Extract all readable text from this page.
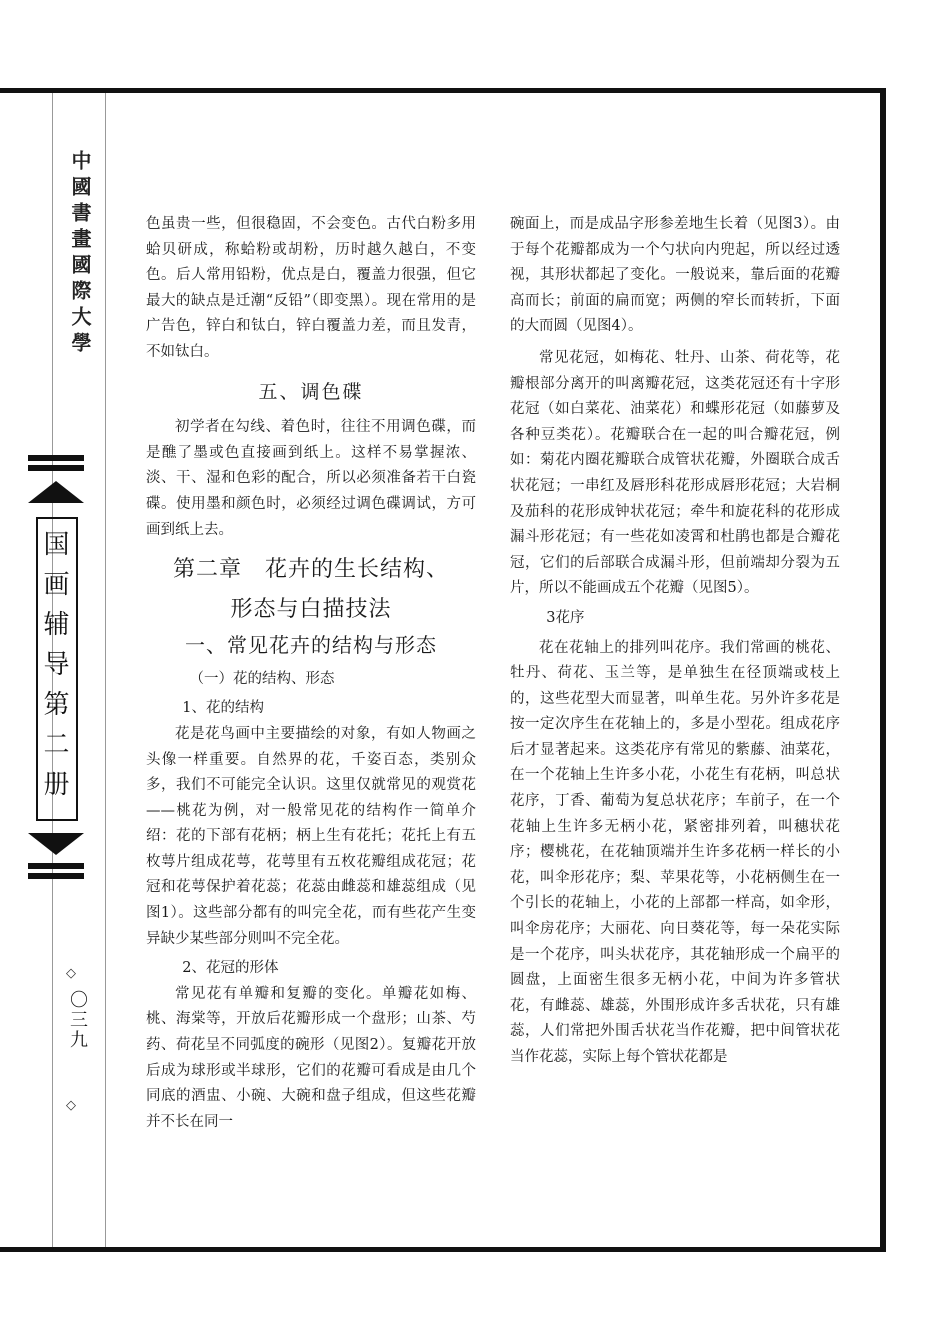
中國書畫國際大學
国画辅导第二册
◇
〇三九
◇

色虽贵一些，但很稳固，不会变色。古代白粉多用蛤贝研成，称蛤粉或胡粉，历时越久越白，不变色。后人常用铅粉，优点是白，覆盖力很强，但它最大的缺点是迁潮“反铅”（即变黑）。现在常用的是广告色，锌白和钛白，锌白覆盖力差，而且发青，不如钛白。

五、调色碟

初学者在勾线、着色时，往往不用调色碟，而是醮了墨或色直接画到纸上。这样不易掌握浓、淡、干、湿和色彩的配合，所以必须准备若干白瓷碟。使用墨和颜色时，必须经过调色碟调试，方可画到纸上去。

第二章　花卉的生长结构、
形态与白描技法
一、常见花卉的结构与形态
（一）花的结构、形态
1、花的结构

花是花鸟画中主要描绘的对象，有如人物画之头像一样重要。自然界的花，千姿百态，类别众多，我们不可能完全认识。这里仅就常见的观赏花——桃花为例，对一般常见花的结构作一简单介绍：花的下部有花柄；柄上生有花托；花托上有五枚萼片组成花萼，花萼里有五枚花瓣组成花冠；花冠和花萼保护着花蕊；花蕊由雌蕊和雄蕊组成（见图1）。这些部分都有的叫完全花，而有些花产生变异缺少某些部分则叫不完全花。

2、花冠的形体

常见花有单瓣和复瓣的变化。单瓣花如梅、桃、海棠等，开放后花瓣形成一个盘形；山茶、芍药、荷花呈不同弧度的碗形（见图2）。复瓣花开放后成为球形或半球形，它们的花瓣可看成是由几个同底的酒盅、小碗、大碗和盘子组成，但这些花瓣并不长在同一

碗面上，而是成品字形参差地生长着（见图3）。由于每个花瓣都成为一个勺状向内兜起，所以经过透视，其形状都起了变化。一般说来，靠后面的花瓣高而长；前面的扁而宽；两侧的窄长而转折，下面的大而圆（见图4）。

常见花冠，如梅花、牡丹、山茶、荷花等，花瓣根部分离开的叫离瓣花冠，这类花冠还有十字形花冠（如白菜花、油菜花）和蝶形花冠（如藤萝及各种豆类花）。花瓣联合在一起的叫合瓣花冠，例如：菊花内圈花瓣联合成管状花瓣，外圈联合成舌状花冠；一串红及唇形科花形成唇形花冠；大岩桐及茄科的花形成钟状花冠；牵牛和旋花科的花形成漏斗形花冠；有一些花如凌霄和杜鹃也都是合瓣花冠，它们的后部联合成漏斗形，但前端却分裂为五片，所以不能画成五个花瓣（见图5）。

3花序

花在花轴上的排列叫花序。我们常画的桃花、牡丹、荷花、玉兰等，是单独生在径顶端或枝上的，这些花型大而显著，叫单生花。另外许多花是按一定次序生在花轴上的，多是小型花。组成花序后才显著起来。这类花序有常见的紫藤、油菜花，在一个花轴上生许多小花，小花生有花柄，叫总状花序，丁香、葡萄为复总状花序；车前子，在一个花轴上生许多无柄小花，紧密排列着，叫穗状花序；樱桃花，在花轴顶端并生许多花柄一样长的小花，叫伞形花序；梨、苹果花等，小花柄侧生在一个引长的花轴上，小花的上部都一样高，如伞形，叫伞房花序；大丽花、向日葵花等，每一朵花实际是一个花序，叫头状花序，其花轴形成一个扁平的圆盘，上面密生很多无柄小花，中间为许多管状花，有雌蕊、雄蕊，外围形成许多舌状花，只有雄蕊，人们常把外围舌状花当作花瓣，把中间管状花当作花蕊，实际上每个管状花都是
